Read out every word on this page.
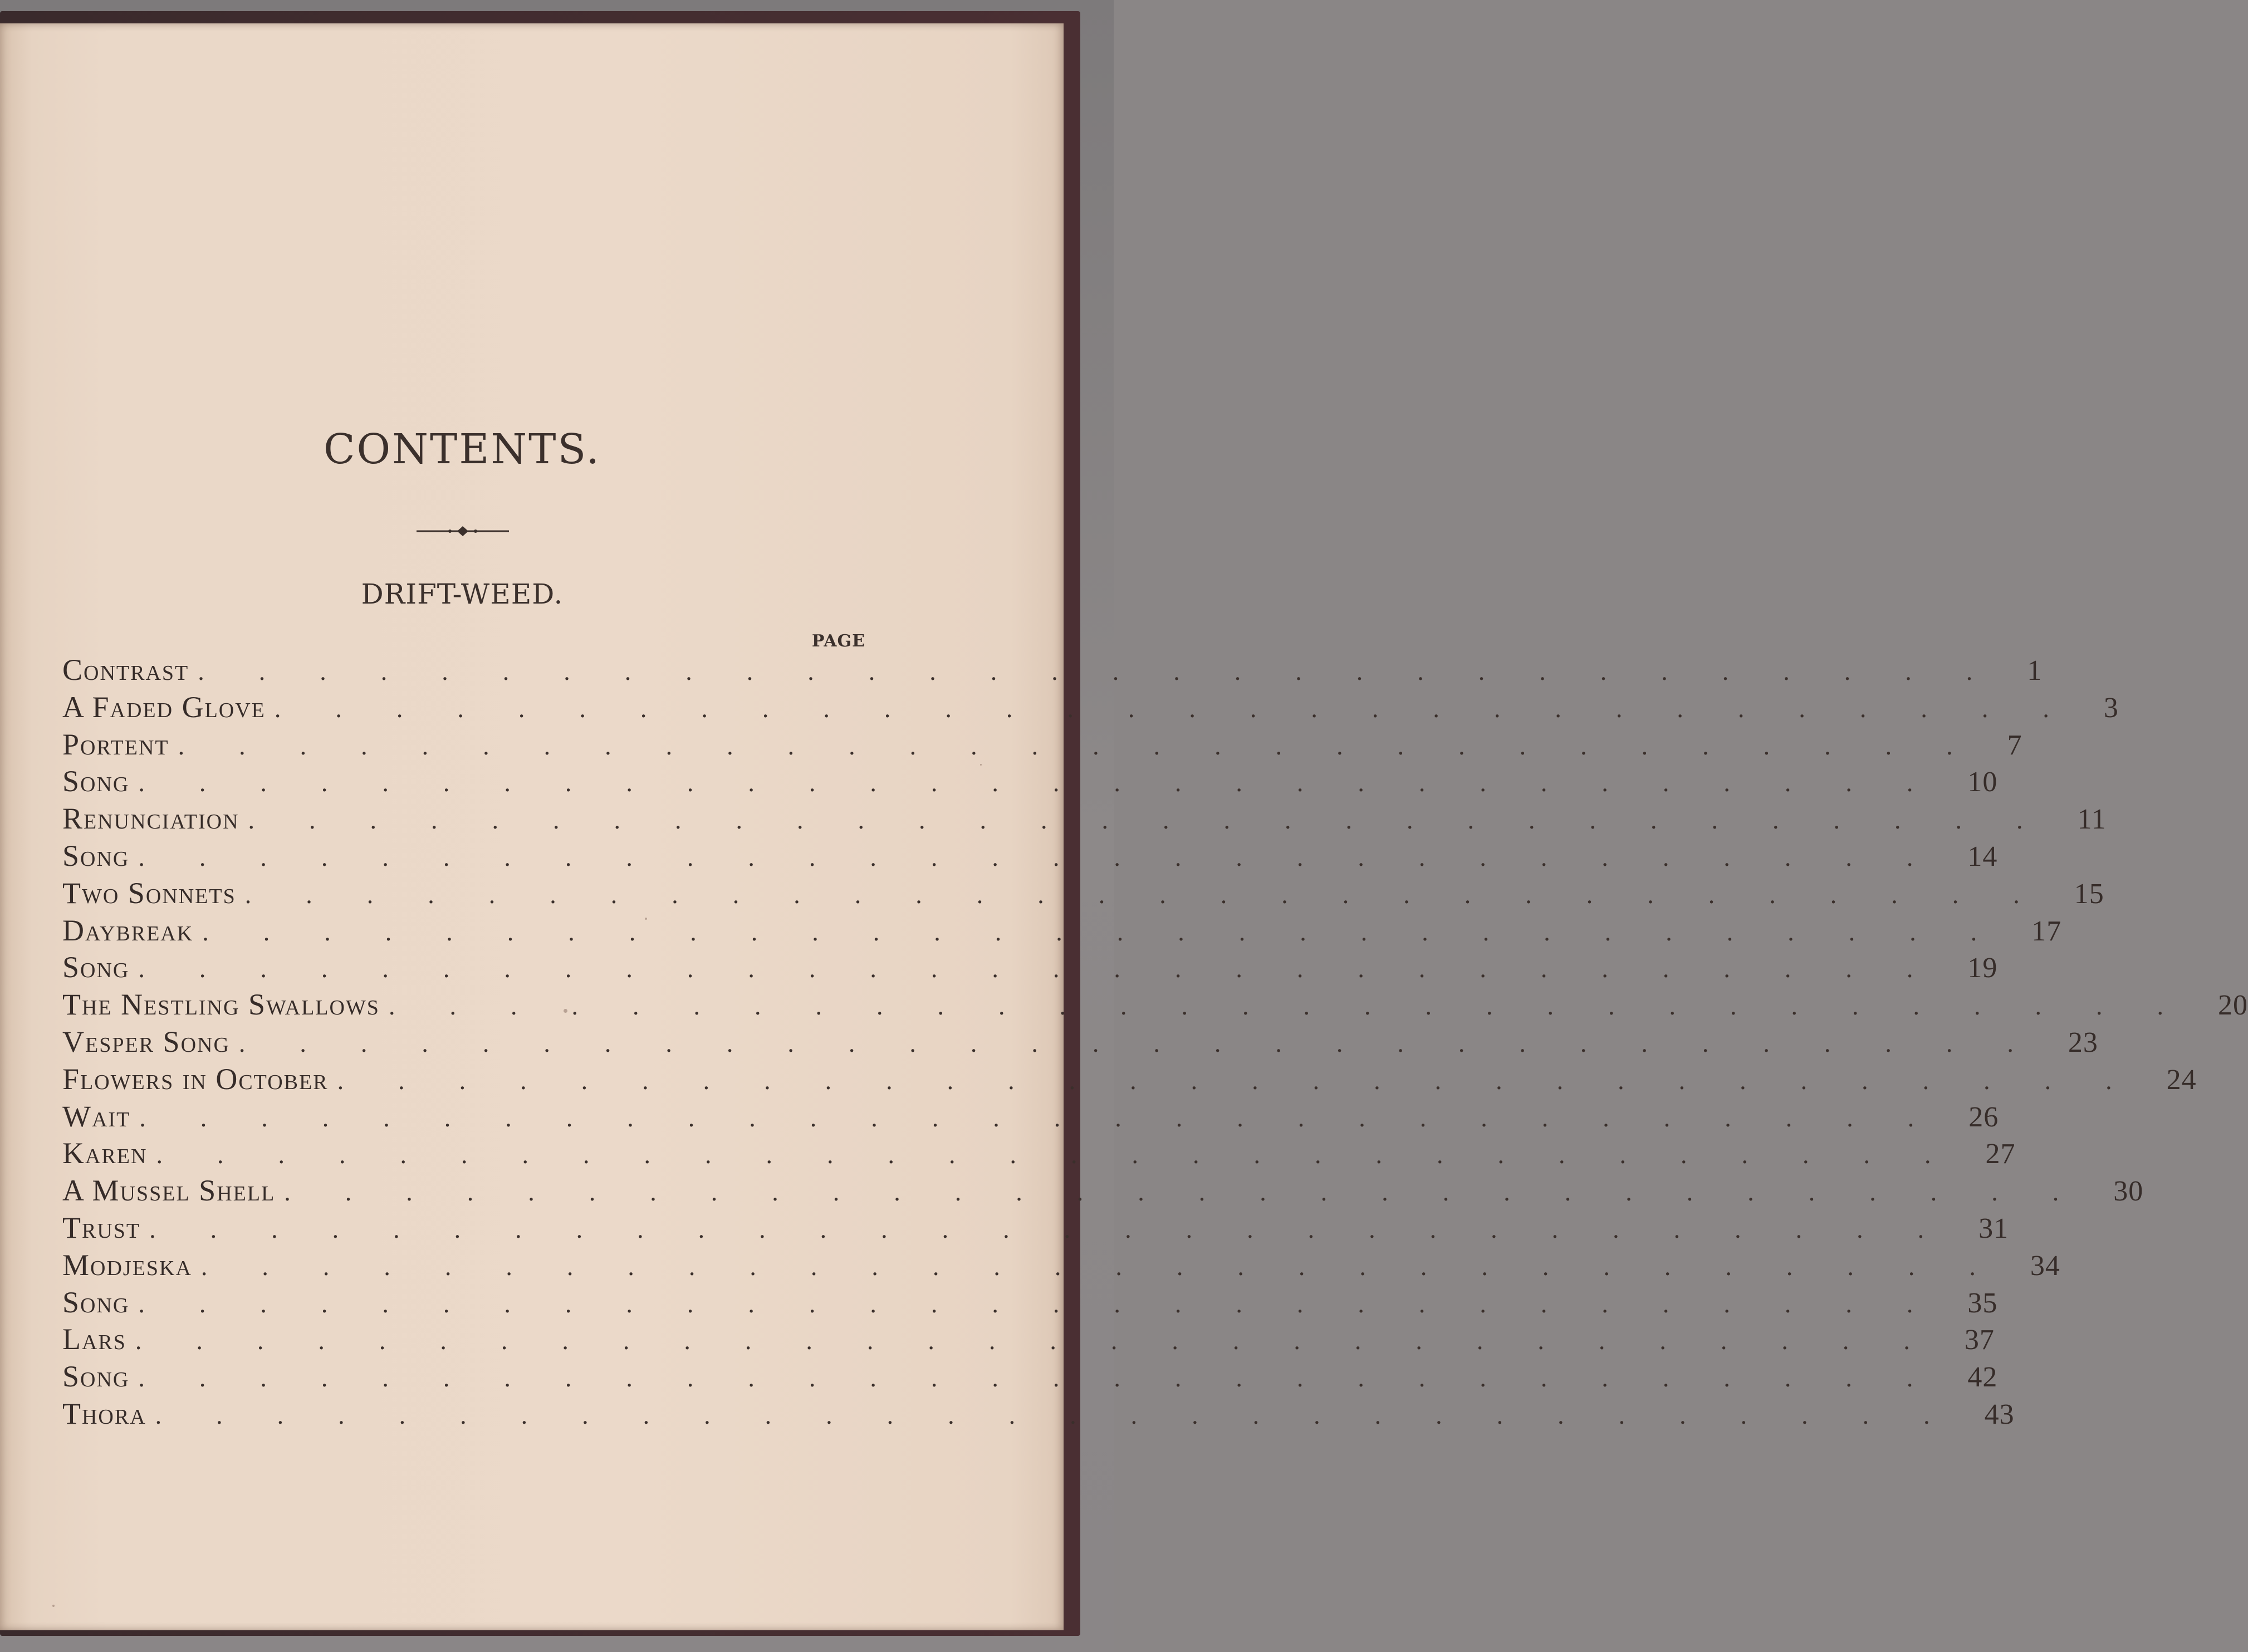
CONTENTS.
DRIFT-WEED.
PAGE
Contrast .............................. 1
A Faded Glove .............................. 3
Portent .............................. 7
Song .............................. 10
Renunciation .............................. 11
Song .............................. 14
Two Sonnets .............................. 15
Daybreak .............................. 17
Song .............................. 19
The Nestling Swallows .............................. 20
Vesper Song .............................. 23
Flowers in October .............................. 24
Wait .............................. 26
Karen .............................. 27
A Mussel Shell .............................. 30
Trust .............................. 31
Modjeska .............................. 34
Song .............................. 35
Lars .............................. 37
Song .............................. 42
Thora .............................. 43
